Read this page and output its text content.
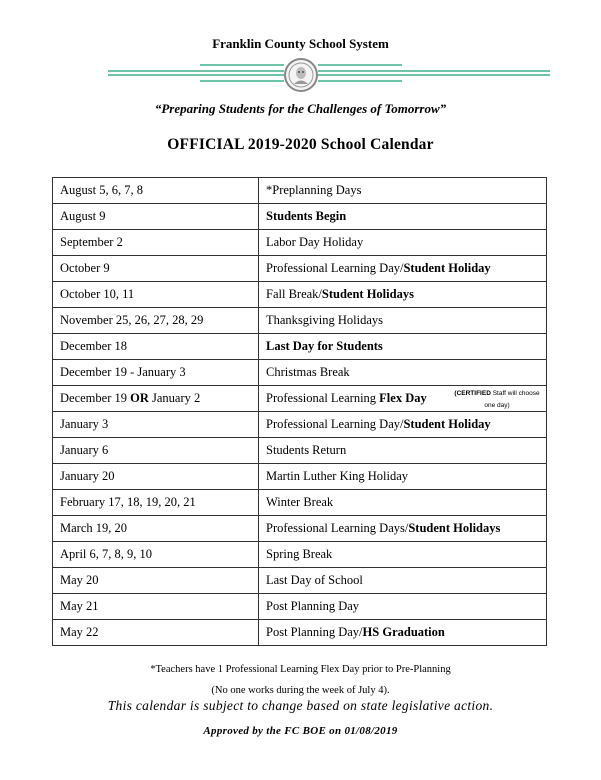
Franklin County School System
“Preparing Students for the Challenges of Tomorrow”
OFFICIAL 2019-2020 School Calendar
August 5, 6, 7, 8	*Preplanning Days
August 9	Students Begin
September 2	Labor Day Holiday
October 9	Professional Learning Day/Student Holiday
October 10, 11	Fall Break/Student Holidays
November 25, 26, 27, 28, 29	Thanksgiving Holidays
December 18	Last Day for Students
December 19 - January 3	Christmas Break
December 19 OR January 2	Professional Learning Flex Day (CERTIFIED Staff will choose one day)

January 3	Professional Learning Day/Student Holiday
January 6	Students Return
January 20	Martin Luther King Holiday
February 17, 18, 19, 20, 21	Winter Break
March 19, 20	Professional Learning Days/Student Holidays
April 6, 7, 8, 9, 10	Spring Break
May 20	Last Day of School
May 21	Post Planning Day
May 22	Post Planning Day/HS Graduation
*Teachers have 1 Professional Learning Flex Day prior to Pre-Planning
(No one works during the week of July 4).
This calendar is subject to change based on state legislative action.
Approved by the FC BOE on 01/08/2019
